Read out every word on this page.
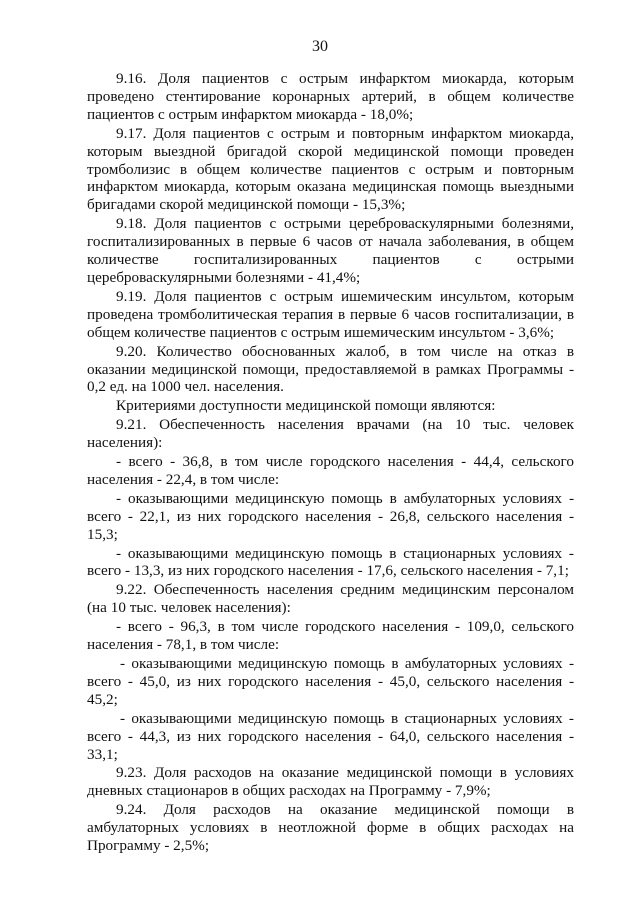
30

9.16. Доля пациентов с острым инфарктом миокарда, которым проведено стентирование коронарных артерий, в общем количестве пациентов с острым инфарктом миокарда - 18,0%;

9.17. Доля пациентов с острым и повторным инфарктом миокарда, которым выездной бригадой скорой медицинской помощи проведен тромболизис в общем количестве пациентов с острым и повторным инфарктом миокарда, которым оказана медицинская помощь выездными бригадами скорой медицинской помощи - 15,3%;

9.18. Доля пациентов с острыми цереброваскулярными болезнями, госпитализированных в первые 6 часов от начала заболевания, в общем количестве госпитализированных пациентов с острыми цереброваскулярными болезнями - 41,4%;

9.19. Доля пациентов с острым ишемическим инсультом, которым проведена тромболитическая терапия в первые 6 часов госпитализации, в общем количестве пациентов с острым ишемическим инсультом - 3,6%;

9.20. Количество обоснованных жалоб, в том числе на отказ в оказании медицинской помощи, предоставляемой в рамках Программы - 0,2 ед. на 1000 чел. населения.

Критериями доступности медицинской помощи являются:

9.21. Обеспеченность населения врачами (на 10 тыс. человек населения):

- всего - 36,8, в том числе городского населения - 44,4, сельского населения - 22,4, в том числе:

- оказывающими медицинскую помощь в амбулаторных условиях - всего - 22,1, из них городского населения - 26,8, сельского населения - 15,3;

- оказывающими медицинскую помощь в стационарных условиях - всего - 13,3, из них городского населения - 17,6, сельского населения - 7,1;

9.22. Обеспеченность населения средним медицинским персоналом (на 10 тыс. человек населения):

- всего - 96,3, в том числе городского населения - 109,0, сельского населения - 78,1, в том числе:

- оказывающими медицинскую помощь в амбулаторных условиях - всего - 45,0, из них городского населения - 45,0, сельского населения - 45,2;

- оказывающими медицинскую помощь в стационарных условиях - всего - 44,3, из них городского населения - 64,0, сельского населения - 33,1;

9.23. Доля расходов на оказание медицинской помощи в условиях дневных стационаров в общих расходах на Программу - 7,9%;

9.24. Доля расходов на оказание медицинской помощи в амбулаторных условиях в неотложной форме в общих расходах на Программу - 2,5%;
